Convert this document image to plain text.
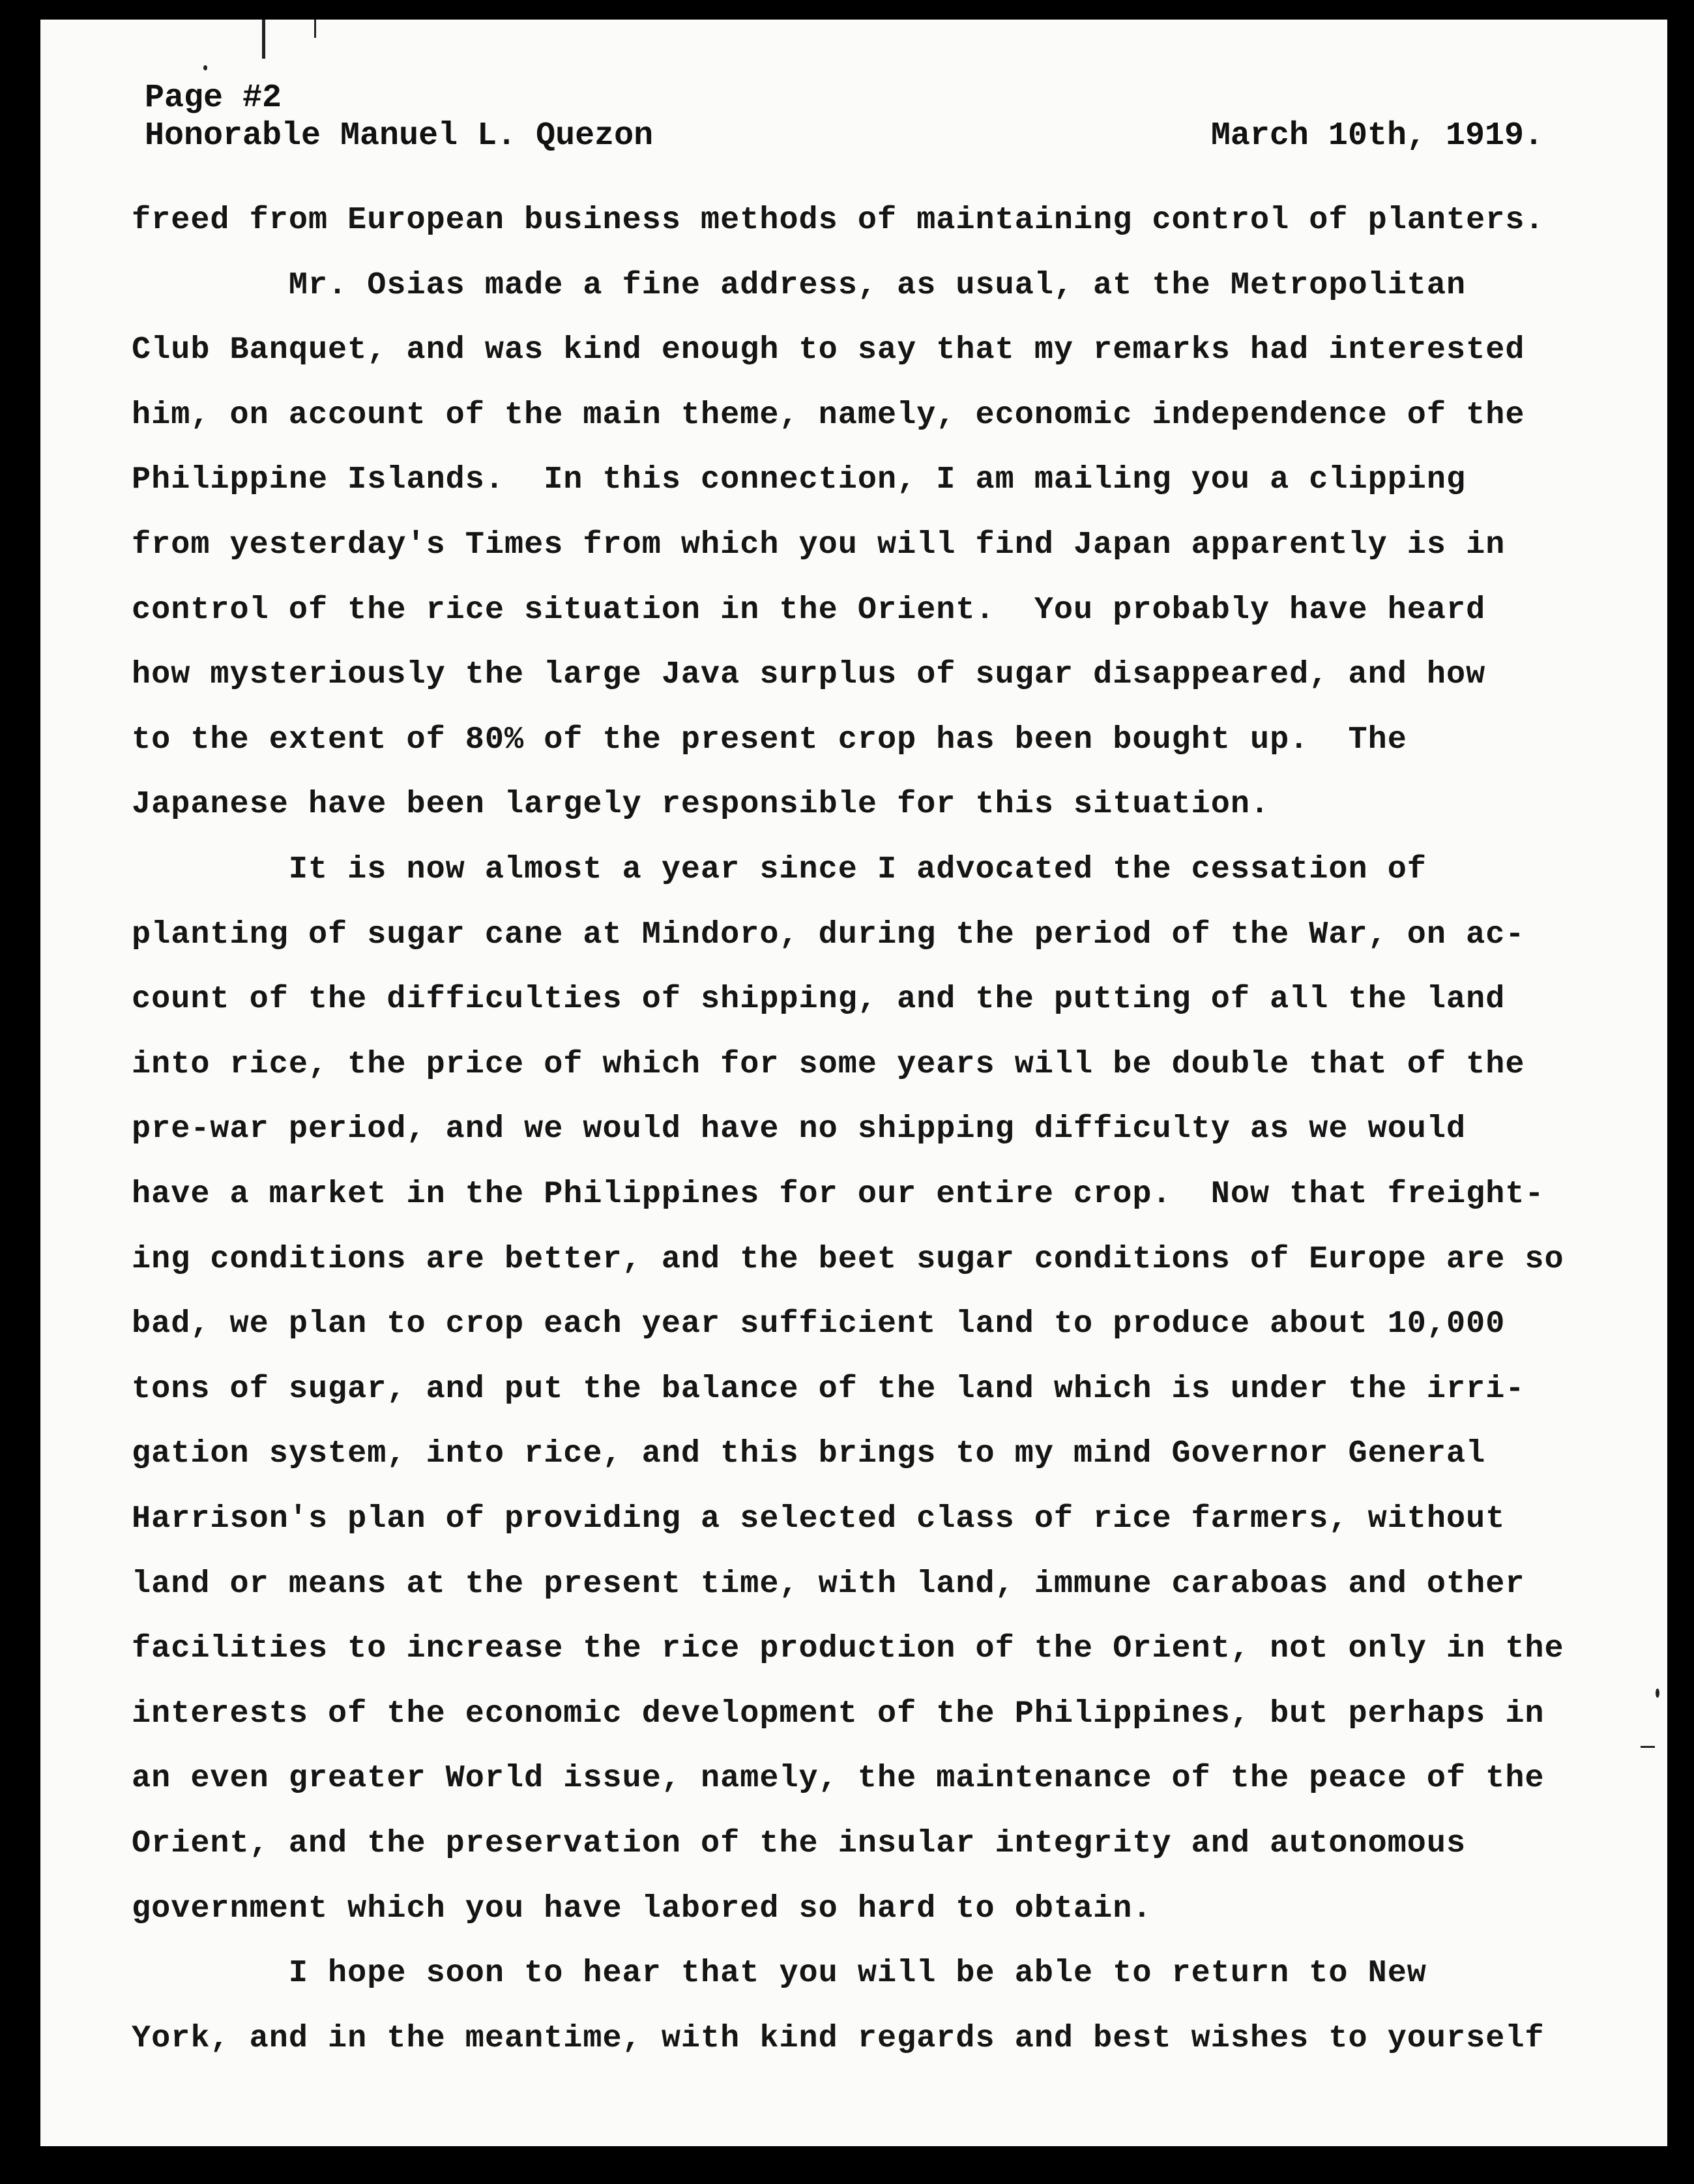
Page #2
Honorable Manuel L. Quezon	March 10th, 1919.
freed from European business methods of maintaining control of planters.
Mr. Osias made a fine address, as usual, at the Metropolitan
Club Banquet, and was kind enough to say that my remarks had interested
him, on account of the main theme, namely, economic independence of the
Philippine Islands.  In this connection, I am mailing you a clipping
from yesterday's Times from which you will find Japan apparently is in
control of the rice situation in the Orient.  You probably have heard
how mysteriously the large Java surplus of sugar disappeared, and how
to the extent of 80% of the present crop has been bought up.  The
Japanese have been largely responsible for this situation.
It is now almost a year since I advocated the cessation of
planting of sugar cane at Mindoro, during the period of the War, on ac-
count of the difficulties of shipping, and the putting of all the land
into rice, the price of which for some years will be double that of the
pre-war period, and we would have no shipping difficulty as we would
have a market in the Philippines for our entire crop.  Now that freight-
ing conditions are better, and the beet sugar conditions of Europe are so
bad, we plan to crop each year sufficient land to produce about 10,000
tons of sugar, and put the balance of the land which is under the irri-
gation system, into rice, and this brings to my mind Governor General
Harrison's plan of providing a selected class of rice farmers, without
land or means at the present time, with land, immune caraboas and other
facilities to increase the rice production of the Orient, not only in the
interests of the economic development of the Philippines, but perhaps in
an even greater World issue, namely, the maintenance of the peace of the
Orient, and the preservation of the insular integrity and autonomous
government which you have labored so hard to obtain.
I hope soon to hear that you will be able to return to New
York, and in the meantime, with kind regards and best wishes to yourself
